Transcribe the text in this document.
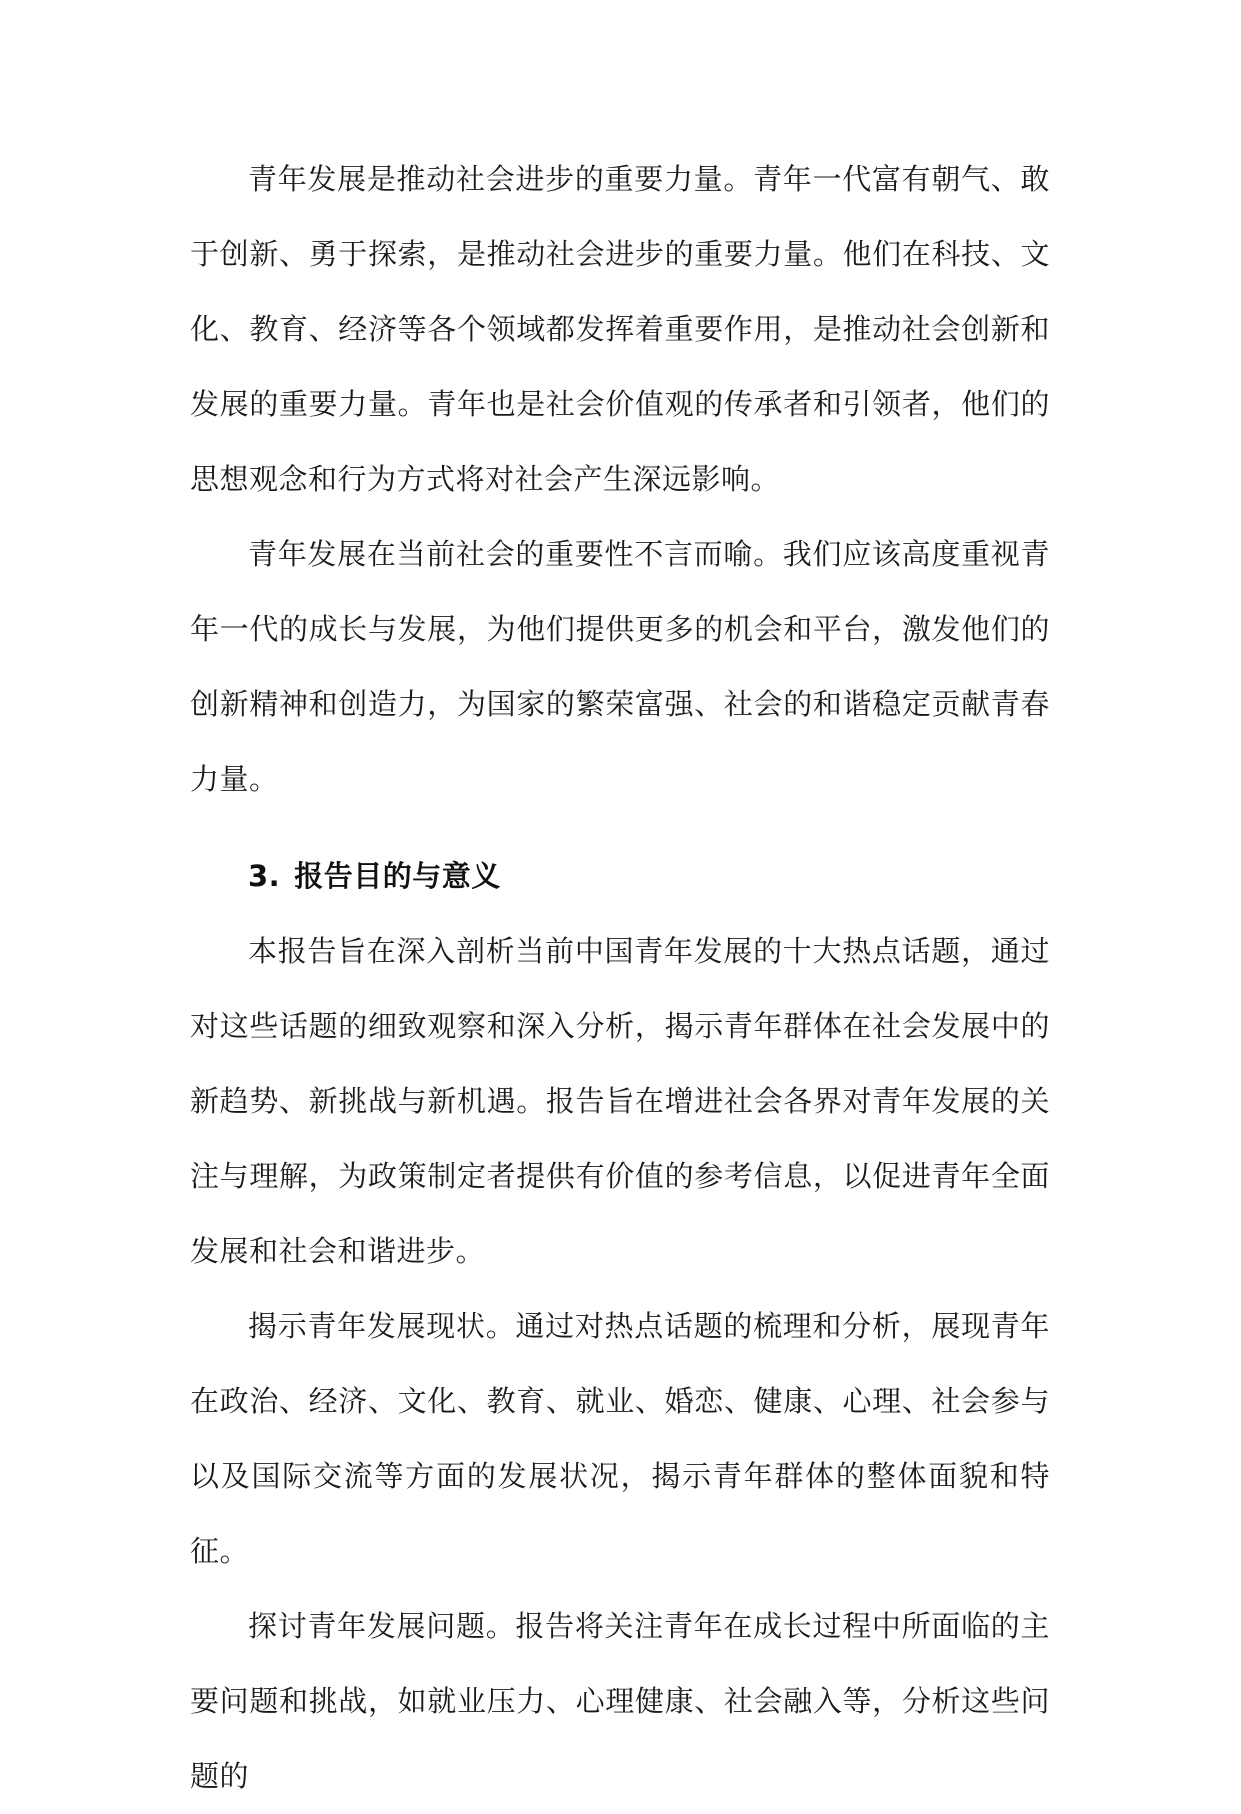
青年发展是推动社会进步的重要力量。青年一代富有朝气、敢于创新、勇于探索，是推动社会进步的重要力量。他们在科技、文化、教育、经济等各个领域都发挥着重要作用，是推动社会创新和发展的重要力量。青年也是社会价值观的传承者和引领者，他们的思想观念和行为方式将对社会产生深远影响。

青年发展在当前社会的重要性不言而喻。我们应该高度重视青年一代的成长与发展，为他们提供更多的机会和平台，激发他们的创新精神和创造力，为国家的繁荣富强、社会的和谐稳定贡献青春力量。

3. 报告目的与意义

本报告旨在深入剖析当前中国青年发展的十大热点话题，通过对这些话题的细致观察和深入分析，揭示青年群体在社会发展中的新趋势、新挑战与新机遇。报告旨在增进社会各界对青年发展的关注与理解，为政策制定者提供有价值的参考信息，以促进青年全面发展和社会和谐进步。

揭示青年发展现状。通过对热点话题的梳理和分析，展现青年在政治、经济、文化、教育、就业、婚恋、健康、心理、社会参与以及国际交流等方面的发展状况，揭示青年群体的整体面貌和特征。

探讨青年发展问题。报告将关注青年在成长过程中所面临的主要问题和挑战，如就业压力、心理健康、社会融入等，分析这些问题的
